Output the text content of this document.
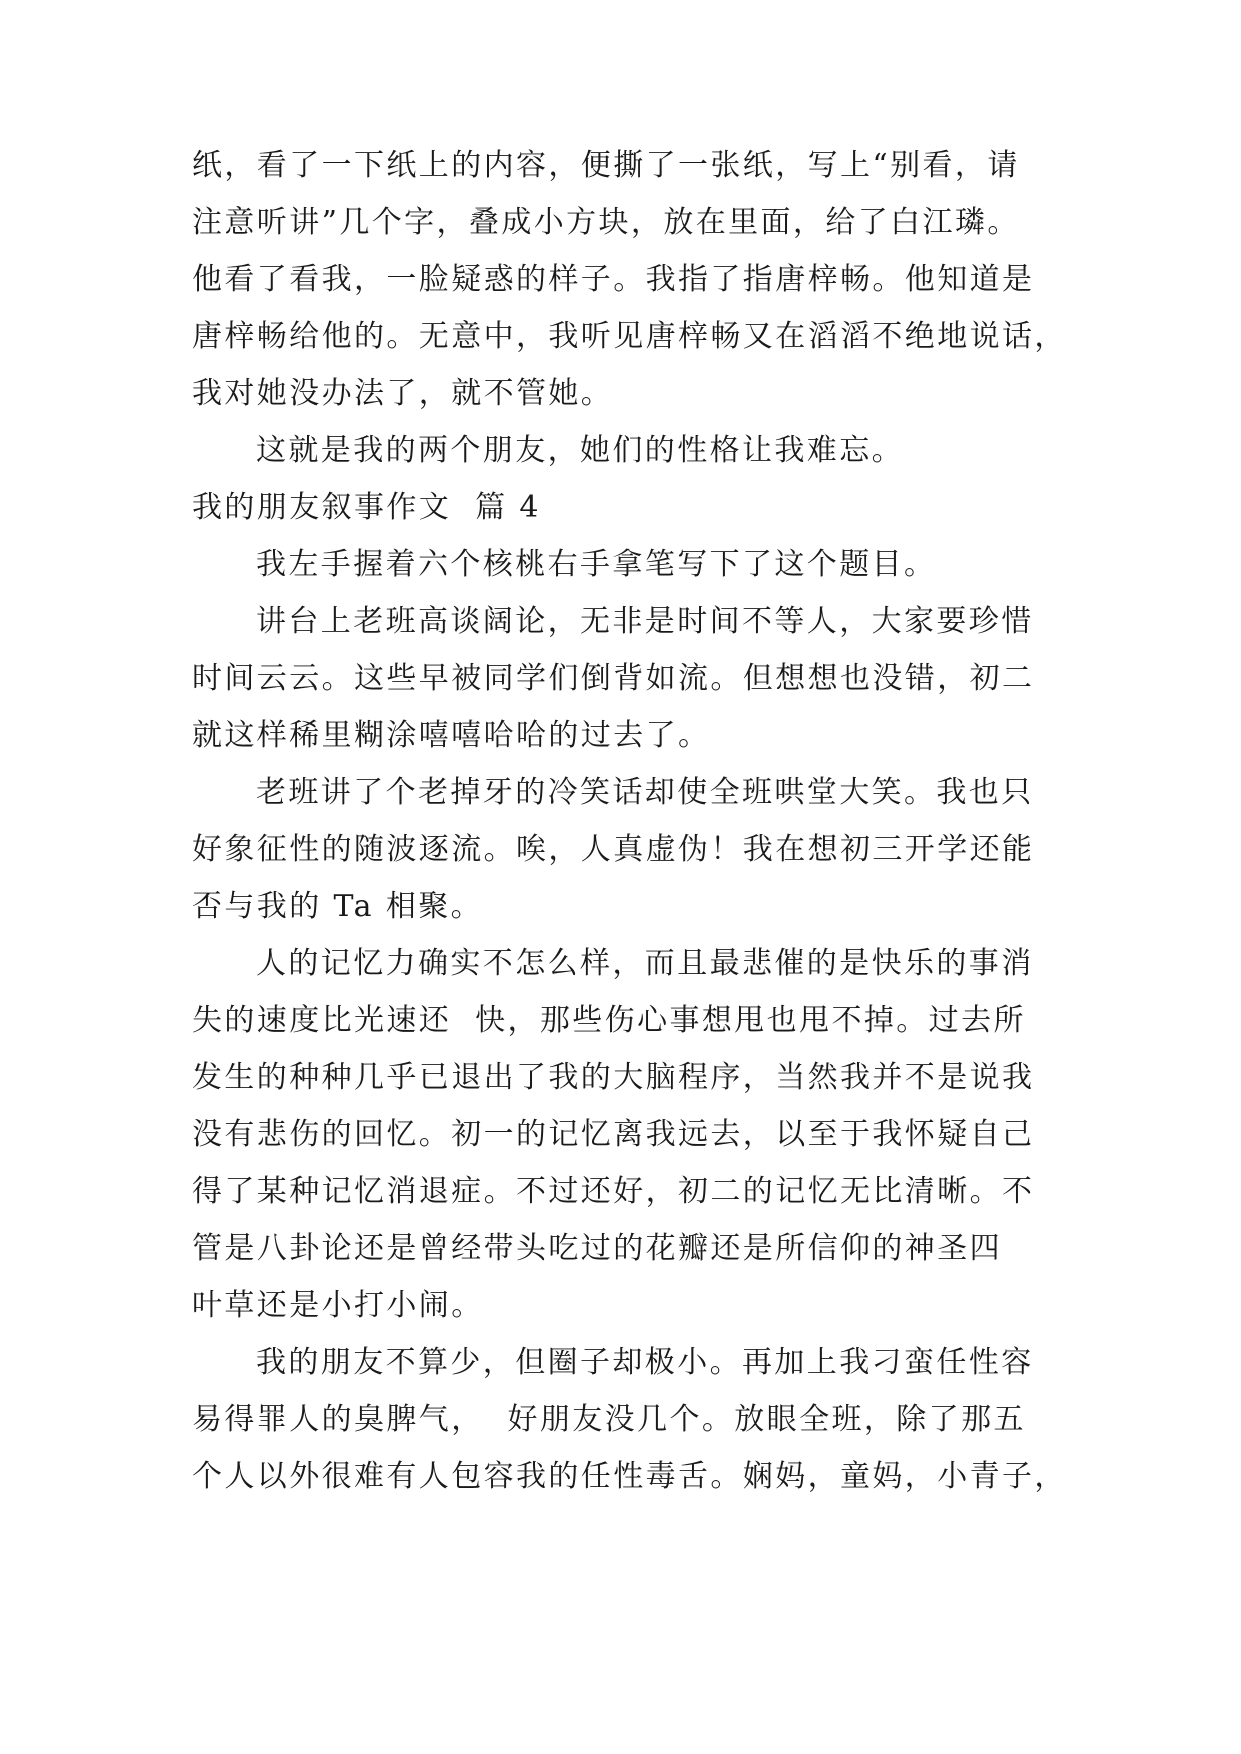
纸，看了一下纸上的内容，便撕了一张纸，写上“别看，请
注意听讲”几个字，叠成小方块，放在里面，给了白江璘。
他看了看我，一脸疑惑的样子。我指了指唐梓畅。他知道是
唐梓畅给他的。无意中，我听见唐梓畅又在滔滔不绝地说话，
我对她没办法了，就不管她。
这就是我的两个朋友，她们的性格让我难忘。
我的朋友叙事作文  篇 4
我左手握着六个核桃右手拿笔写下了这个题目。
讲台上老班高谈阔论，无非是时间不等人，大家要珍惜
时间云云。这些早被同学们倒背如流。但想想也没错，初二
就这样稀里糊涂嘻嘻哈哈的过去了。
老班讲了个老掉牙的冷笑话却使全班哄堂大笑。我也只
好象征性的随波逐流。唉，人真虚伪！我在想初三开学还能
否与我的 Ta 相聚。
人的记忆力确实不怎么样，而且最悲催的是快乐的事消
失的速度比光速还  快，那些伤心事想甩也甩不掉。过去所
发生的种种几乎已退出了我的大脑程序，当然我并不是说我
没有悲伤的回忆。初一的记忆离我远去，以至于我怀疑自己
得了某种记忆消退症。不过还好，初二的记忆无比清晰。不
管是八卦论还是曾经带头吃过的花瓣还是所信仰的神圣四
叶草还是小打小闹。
我的朋友不算少，但圈子却极小。再加上我刁蛮任性容
易得罪人的臭脾气，  好朋友没几个。放眼全班，除了那五
个人以外很难有人包容我的任性毒舌。娴妈，童妈，小青子，
